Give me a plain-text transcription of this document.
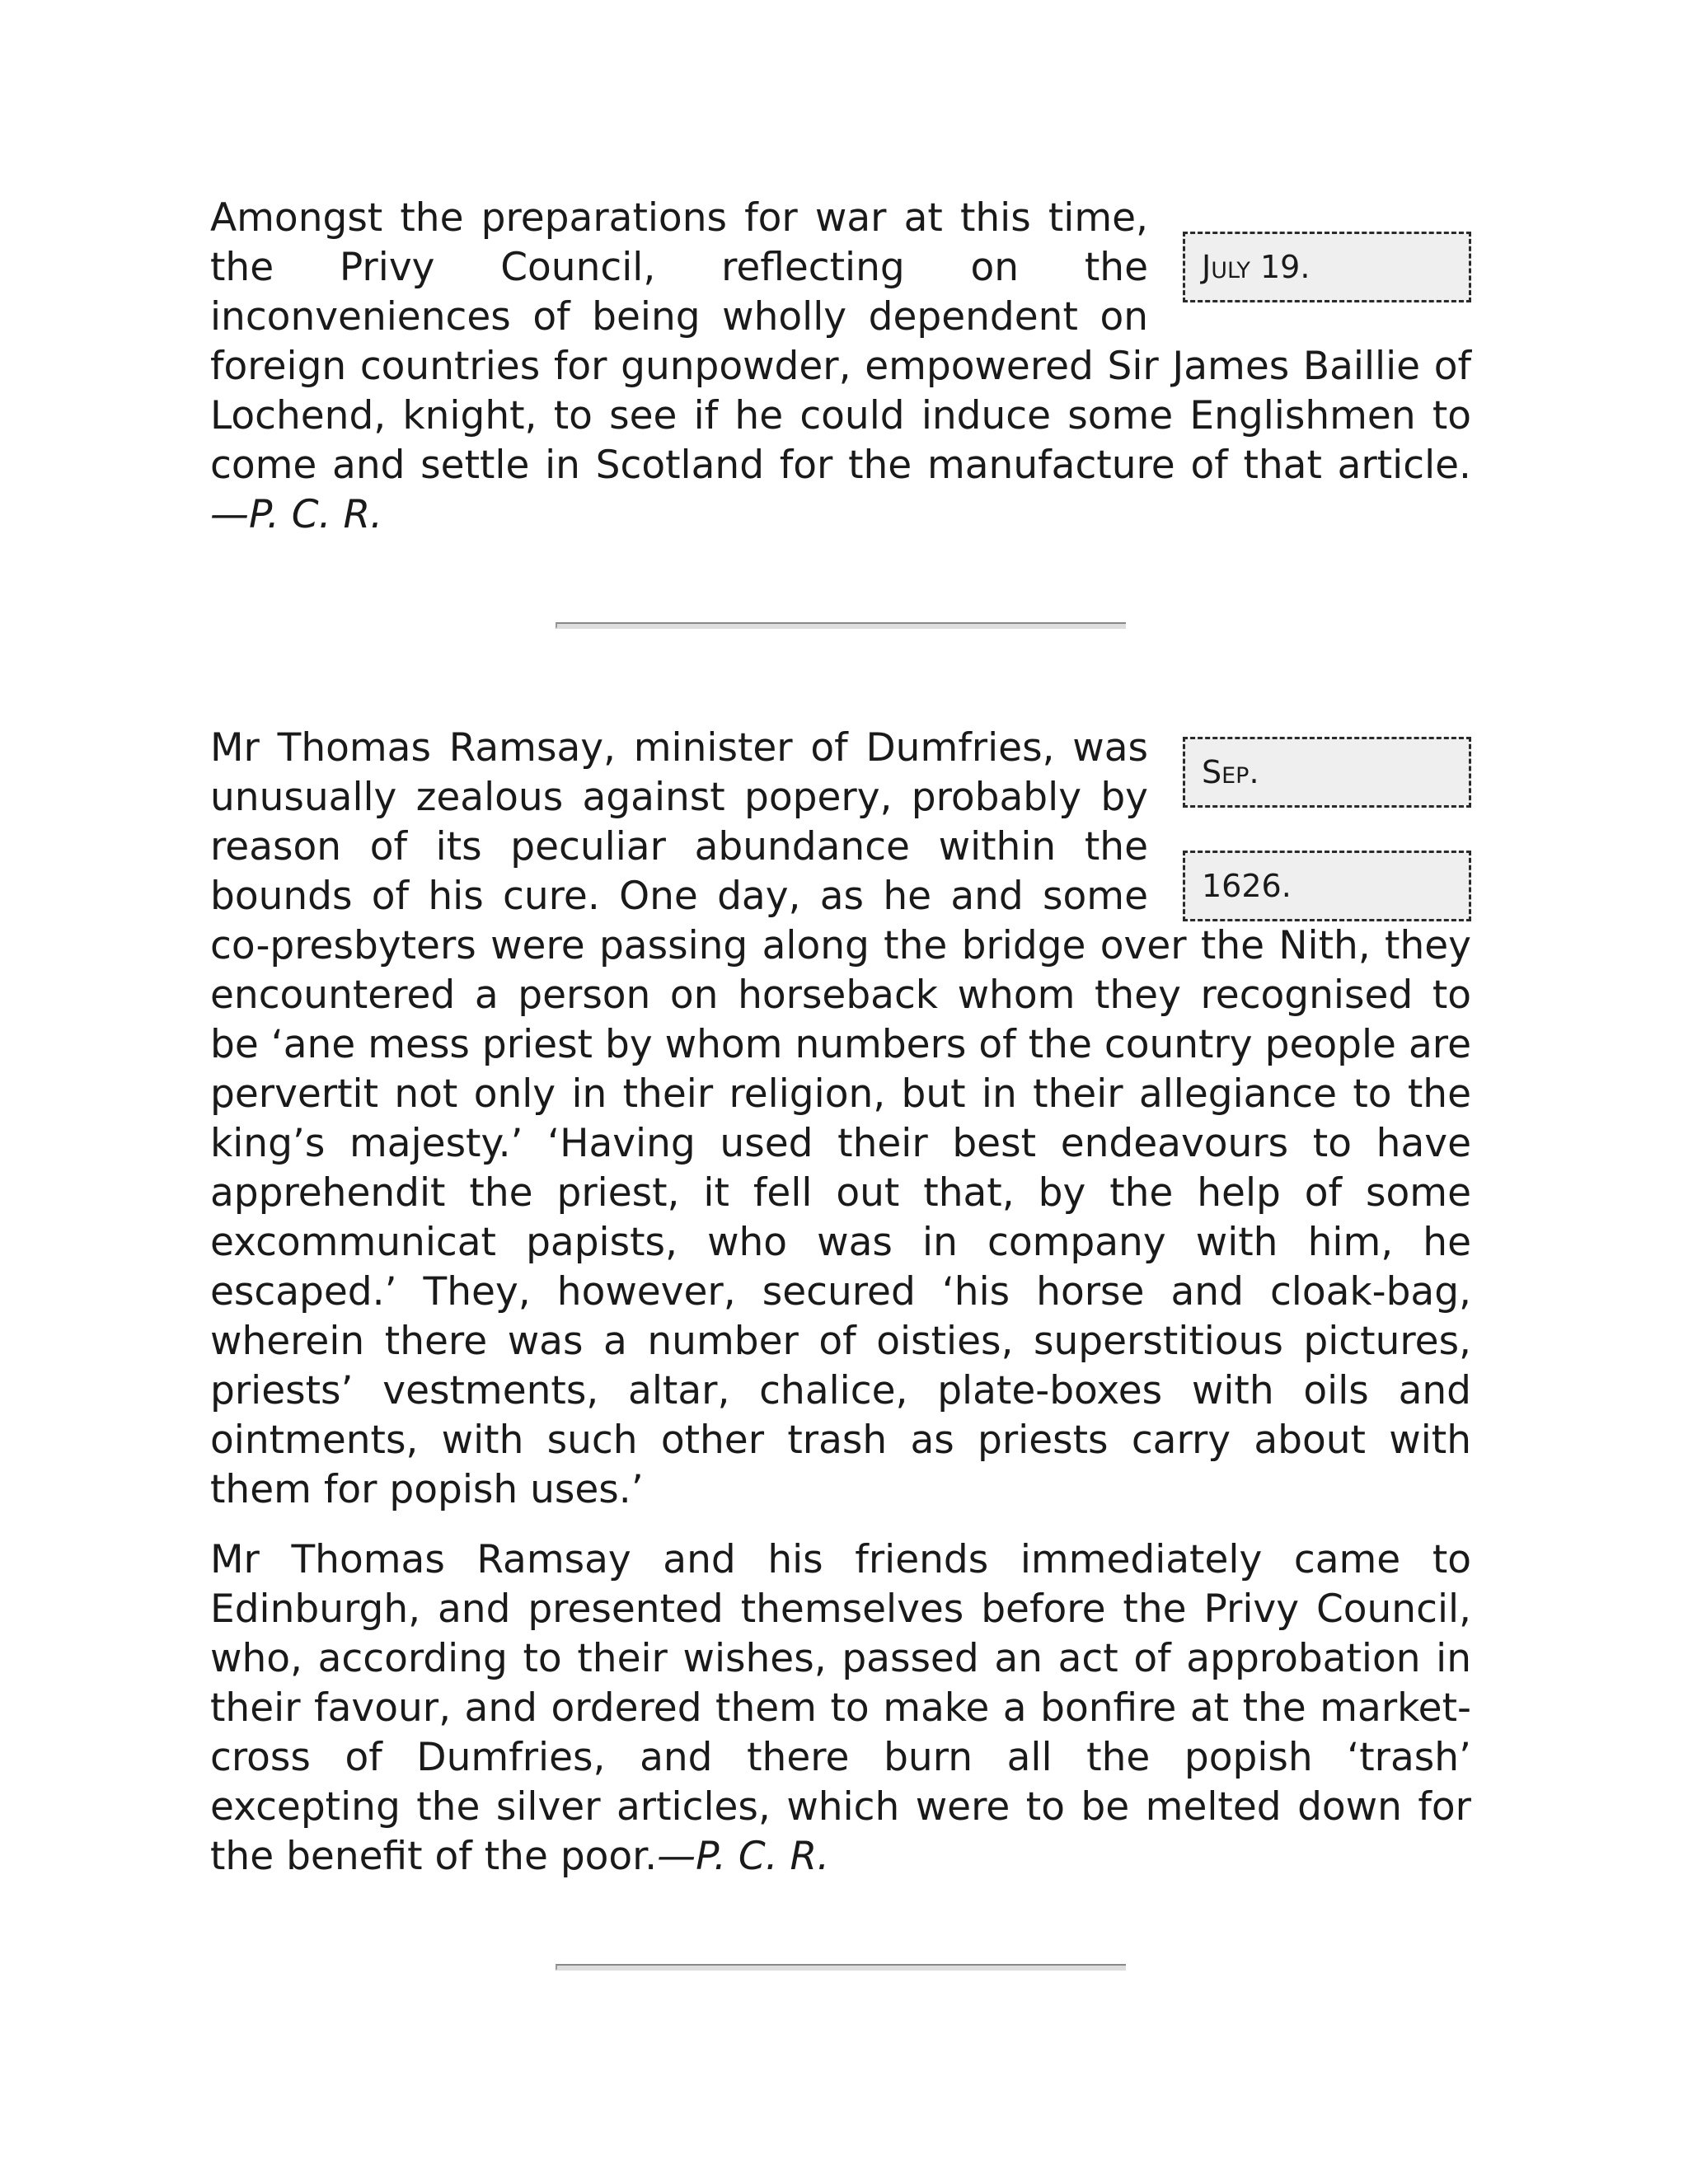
July 19.

Amongst the preparations for war at this time, the Privy Council, reflecting on the inconveniences of being wholly dependent on foreign countries for gunpowder, empowered Sir James Baillie of Lochend, knight, to see if he could induce some Englishmen to come and settle in Scotland for the manufacture of that article.—P. C. R.

Sep.
1626.

Mr Thomas Ramsay, minister of Dumfries, was unusually zealous against popery, probably by reason of its peculiar abundance within the bounds of his cure. One day, as he and some co-presbyters were passing along the bridge over the Nith, they encountered a person on horseback whom they recognised to be ‘ane mess priest by whom numbers of the country people are pervertit not only in their religion, but in their allegiance to the king’s majesty.’ ‘Having used their best endeavours to have apprehendit the priest, it fell out that, by the help of some excommunicat papists, who was in company with him, he escaped.’ They, however, secured ‘his horse and cloak-bag, wherein there was a number of oisties, superstitious pictures, priests’ vestments, altar, chalice, plate-boxes with oils and ointments, with such other trash as priests carry about with them for popish uses.’

Mr Thomas Ramsay and his friends immediately came to Edinburgh, and presented themselves before the Privy Council, who, according to their wishes, passed an act of approbation in their favour, and ordered them to make a bonfire at the market-cross of Dumfries, and there burn all the popish ‘trash’ excepting the silver articles, which were to be melted down for the benefit of the poor.—P. C. R.
